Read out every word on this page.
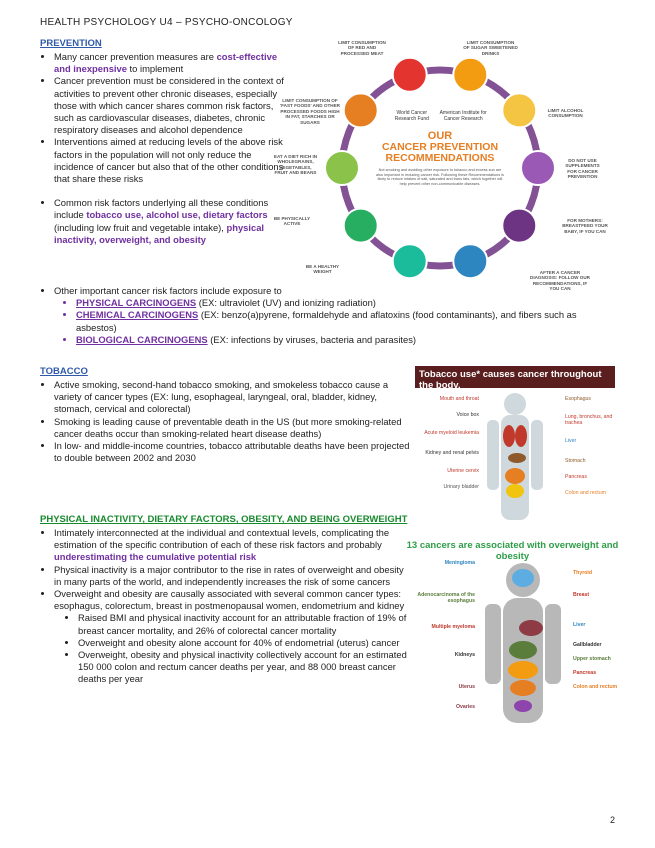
HEALTH PSYCHOLOGY U4 – PSYCHO-ONCOLOGY
PREVENTION
• Many cancer prevention measures are cost-effective and inexpensive to implement
• Cancer prevention must be considered in the context of activities to prevent other chronic diseases, especially those with which cancer shares common risk factors, such as cardiovascular diseases, diabetes, chronic respiratory diseases and alcohol dependence
• Interventions aimed at reducing levels of the above risk factors in the population will not only reduce the incidence of cancer but also that of the other conditions that share these risks
• Common risk factors underlying all these conditions include tobacco use, alcohol use, dietary factors (including low fruit and vegetable intake), physical inactivity, overweight, and obesity
• Other important cancer risk factors include exposure to
• PHYSICAL CARCINOGENS (EX: ultraviolet (UV) and ionizing radiation)
• CHEMICAL CARCINOGENS (EX: benzo(a)pyrene, formaldehyde and aflatoxins (food contaminants), and fibers such as asbestos)
• BIOLOGICAL CARCINOGENS (EX: infections by viruses, bacteria and parasites)
World Cancer Research Fund American Institute for Cancer Research
OUR
CANCER PREVENTION
RECOMMENDATIONS
Not smoking and avoiding other exposure to tobacco and excess sun are also important in reducing cancer risk. Following these Recommendations is likely to reduce intakes of salt, saturated and trans fats, which together will help prevent other non-communicable diseases.
LIMIT CONSUMPTION OF RED AND PROCESSED MEAT
LIMIT CONSUMPTION OF SUGAR SWEETENED DRINKS
LIMIT ALCOHOL CONSUMPTION
DO NOT USE SUPPLEMENTS FOR CANCER PREVENTION
FOR MOTHERS: BREASTFEED YOUR BABY, IF YOU CAN
AFTER A CANCER DIAGNOSIS: FOLLOW OUR RECOMMENDATIONS, IF YOU CAN
BE A HEALTHY WEIGHT
BE PHYSICALLY ACTIVE
EAT A DIET RICH IN WHOLEGRAINS, VEGETABLES, FRUIT AND BEANS
LIMIT CONSUMPTION OF 'FAST FOODS' AND OTHER PROCESSED FOODS HIGH IN FAT, STARCHES OR SUGARS
TOBACCO
• Active smoking, second-hand tobacco smoking, and smokeless tobacco cause a variety of cancer types (EX: lung, esophageal, laryngeal, oral, bladder, kidney, stomach, cervical and colorectal)
• Smoking is leading cause of preventable death in the US (but more smoking-related cancer deaths occur than smoking-related heart disease deaths)
• In low- and middle-income countries, tobacco attributable deaths have been projected to double between 2002 and 2030
Tobacco use* causes cancer throughout the body.
Mouth and throat
Voice box
Acute myeloid leukemia
Kidney and renal pelvis
Uterine cervix
Urinary bladder
Esophagus
Lung, bronchus, and trachea
Liver
Stomach
Pancreas
Colon and rectum
PHYSICAL INACTIVITY, DIETARY FACTORS, OBESITY, AND BEING OVERWEIGHT
• Intimately interconnected at the individual and contextual levels, complicating the estimation of the specific contribution of each of these risk factors and probably underestimating the cumulative potential risk
• Physical inactivity is a major contributor to the rise in rates of overweight and obesity in many parts of the world, and independently increases the risk of some cancers
• Overweight and obesity are causally associated with several common cancer types: esophagus, colorectum, breast in postmenopausal women, endometrium and kidney
• Raised BMI and physical inactivity account for an attributable fraction of 19% of breast cancer mortality, and 26% of colorectal cancer mortality
• Overweight and obesity alone account for 40% of endometrial (uterus) cancer
• Overweight, obesity and physical inactivity collectively account for an estimated 150 000 colon and rectum cancer deaths per year, and 88 000 breast cancer deaths per year
13 cancers are associated with overweight and obesity
Meningioma
Adenocarcinoma of the esophagus
Multiple myeloma
Kidneys
Uterus
Ovaries
Thyroid
Breast
Liver
Gallbladder
Upper stomach
Pancreas
Colon and rectum
2
